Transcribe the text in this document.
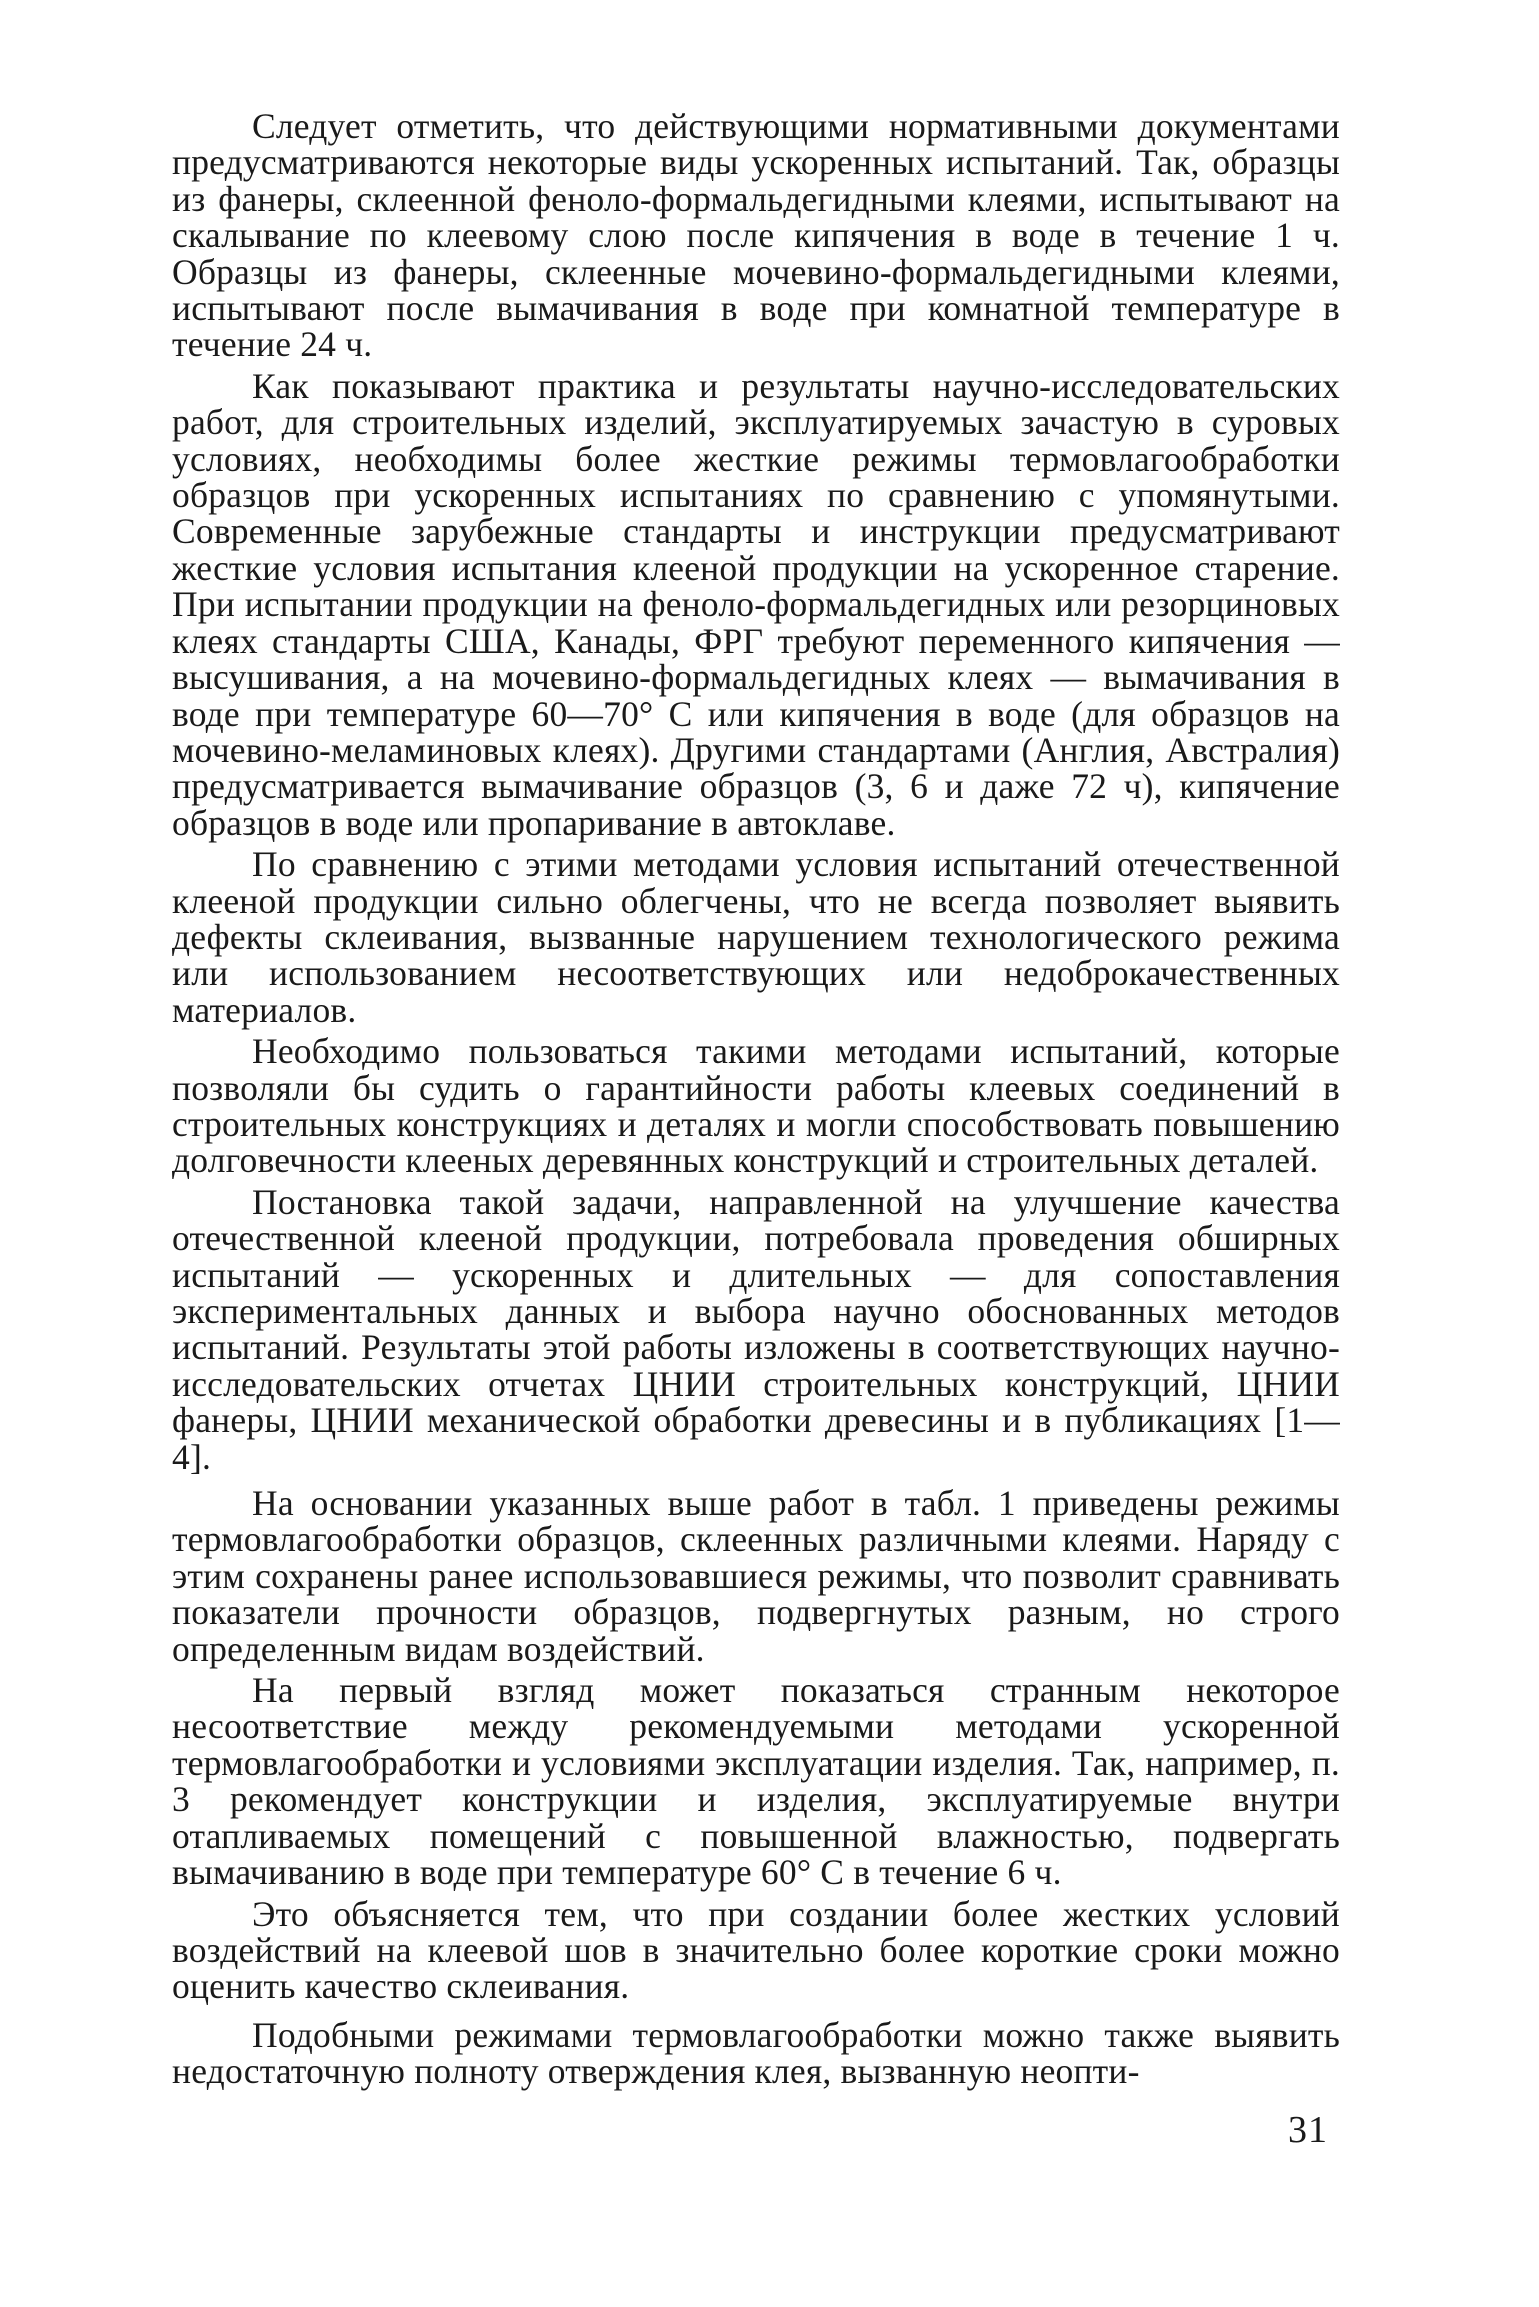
Следует отметить, что действующими нормативными документами предусматриваются некоторые виды ускоренных испытаний. Так, образцы из фанеры, склеенной феноло-формальдегидными клеями, испытывают на скалывание по клеевому слою после кипячения в воде в течение 1 ч. Образцы из фанеры, склеенные мочевино-формальдегидными клеями, испытывают после вымачивания в воде при комнатной температуре в течение 24 ч.

Как показывают практика и результаты научно-исследовательских работ, для строительных изделий, эксплуатируемых зачастую в суровых условиях, необходимы более жесткие режимы термовлагообработки образцов при ускоренных испытаниях по сравнению с упомянутыми. Современные зарубежные стандарты и инструкции предусматривают жесткие условия испытания клееной продукции на ускоренное старение. При испытании продукции на феноло-формальдегидных или резорциновых клеях стандарты США, Канады, ФРГ требуют переменного кипячения — высушивания, а на мочевино-формальдегидных клеях — вымачивания в воде при температуре 60—70° С или кипячения в воде (для образцов на мочевино-меламиновых клеях). Другими стандартами (Англия, Австралия) предусматривается вымачивание образцов (3, 6 и даже 72 ч), кипячение образцов в воде или пропаривание в автоклаве.

По сравнению с этими методами условия испытаний отечественной клееной продукции сильно облегчены, что не всегда позволяет выявить дефекты склеивания, вызванные нарушением технологического режима или использованием несоответствующих или недоброкачественных материалов.

Необходимо пользоваться такими методами испытаний, которые позволяли бы судить о гарантийности работы клеевых соединений в строительных конструкциях и деталях и могли способствовать повышению долговечности клееных деревянных конструкций и строительных деталей.

Постановка такой задачи, направленной на улучшение качества отечественной клееной продукции, потребовала проведения обширных испытаний — ускоренных и длительных — для сопоставления экспериментальных данных и выбора научно обоснованных методов испытаний. Результаты этой работы изложены в соответствующих научно-исследовательских отчетах ЦНИИ строительных конструкций, ЦНИИ фанеры, ЦНИИ механической обработки древесины и в публикациях [1—4].

На основании указанных выше работ в табл. 1 приведены режимы термовлагообработки образцов, склеенных различными клеями. Наряду с этим сохранены ранее использовавшиеся режимы, что позволит сравнивать показатели прочности образцов, подвергнутых разным, но строго определенным видам воздействий.

На первый взгляд может показаться странным некоторое несоответствие между рекомендуемыми методами ускоренной термовлагообработки и условиями эксплуатации изделия. Так, например, п. 3 рекомендует конструкции и изделия, эксплуатируемые внутри отапливаемых помещений с повышенной влажностью, подвергать вымачиванию в воде при температуре 60° С в течение 6 ч.

Это объясняется тем, что при создании более жестких условий воздействий на клеевой шов в значительно более короткие сроки можно оценить качество склеивания.

Подобными режимами термовлагообработки можно также выявить недостаточную полноту отверждения клея, вызванную неопти-

31
